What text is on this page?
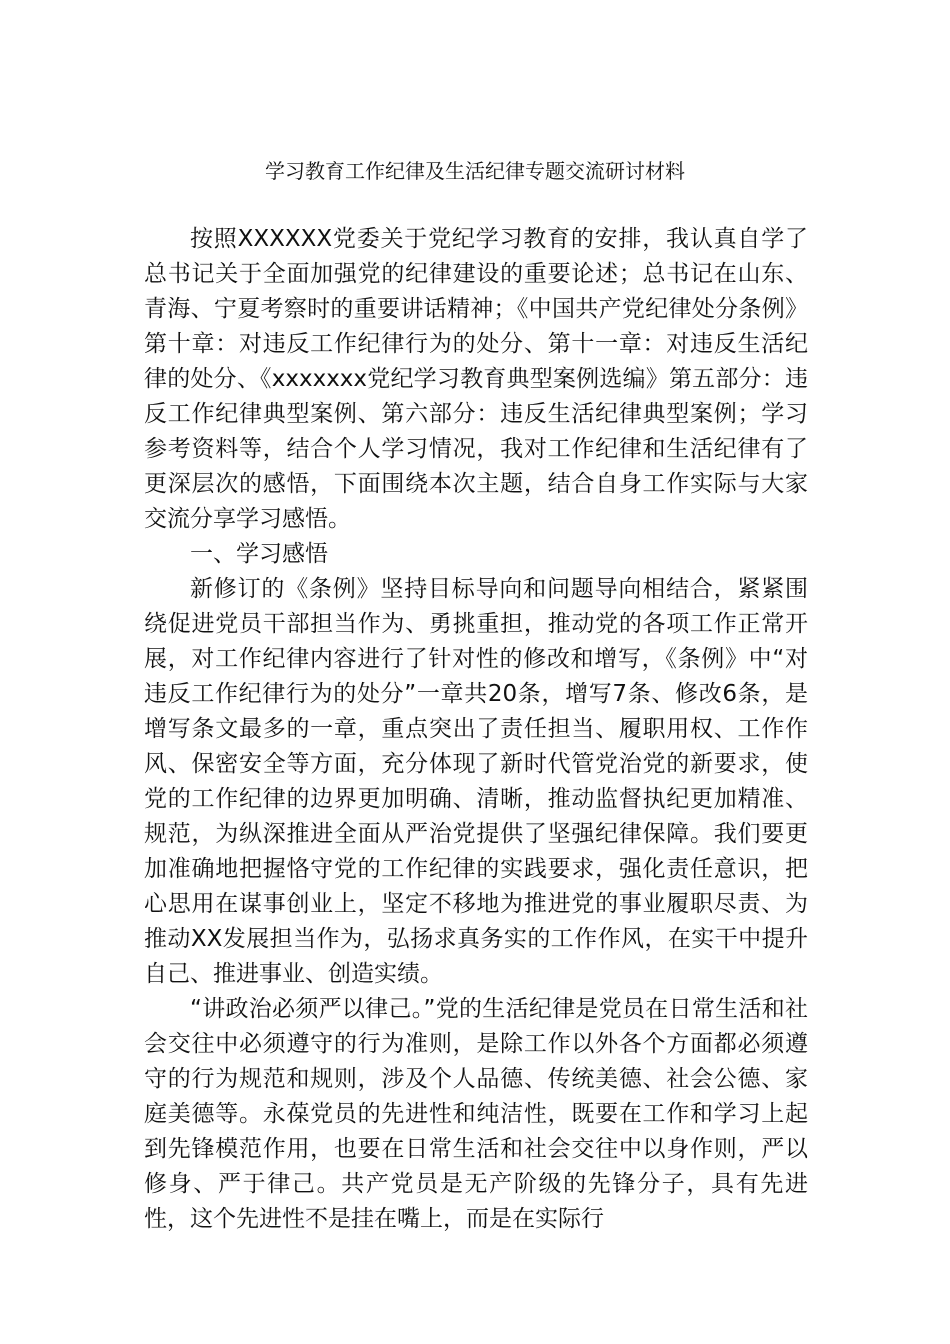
学习教育工作纪律及生活纪律专题交流研讨材料

按照XXXXXX党委关于党纪学习教育的安排，我认真自学了总书记关于全面加强党的纪律建设的重要论述；总书记在山东、青海、宁夏考察时的重要讲话精神；《中国共产党纪律处分条例》第十章：对违反工作纪律行为的处分、第十一章：对违反生活纪律的处分、《xxxxxxx党纪学习教育典型案例选编》第五部分：违反工作纪律典型案例、第六部分：违反生活纪律典型案例；学习参考资料等，结合个人学习情况，我对工作纪律和生活纪律有了更深层次的感悟，下面围绕本次主题，结合自身工作实际与大家交流分享学习感悟。

一、学习感悟

新修订的《条例》坚持目标导向和问题导向相结合，紧紧围绕促进党员干部担当作为、勇挑重担，推动党的各项工作正常开展，对工作纪律内容进行了针对性的修改和增写，《条例》中“对违反工作纪律行为的处分”一章共20条，增写7条、修改6条，是增写条文最多的一章，重点突出了责任担当、履职用权、工作作风、保密安全等方面，充分体现了新时代管党治党的新要求，使党的工作纪律的边界更加明确、清晰，推动监督执纪更加精准、规范，为纵深推进全面从严治党提供了坚强纪律保障。我们要更加准确地把握恪守党的工作纪律的实践要求，强化责任意识，把心思用在谋事创业上，坚定不移地为推进党的事业履职尽责、为推动XX发展担当作为，弘扬求真务实的工作作风，在实干中提升自己、推进事业、创造实绩。

“讲政治必须严以律己。”党的生活纪律是党员在日常生活和社会交往中必须遵守的行为准则，是除工作以外各个方面都必须遵守的行为规范和规则，涉及个人品德、传统美德、社会公德、家庭美德等。永葆党员的先进性和纯洁性，既要在工作和学习上起到先锋模范作用，也要在日常生活和社会交往中以身作则，严以修身、严于律己。共产党员是无产阶级的先锋分子，具有先进性，这个先进性不是挂在嘴上，而是在实际行
